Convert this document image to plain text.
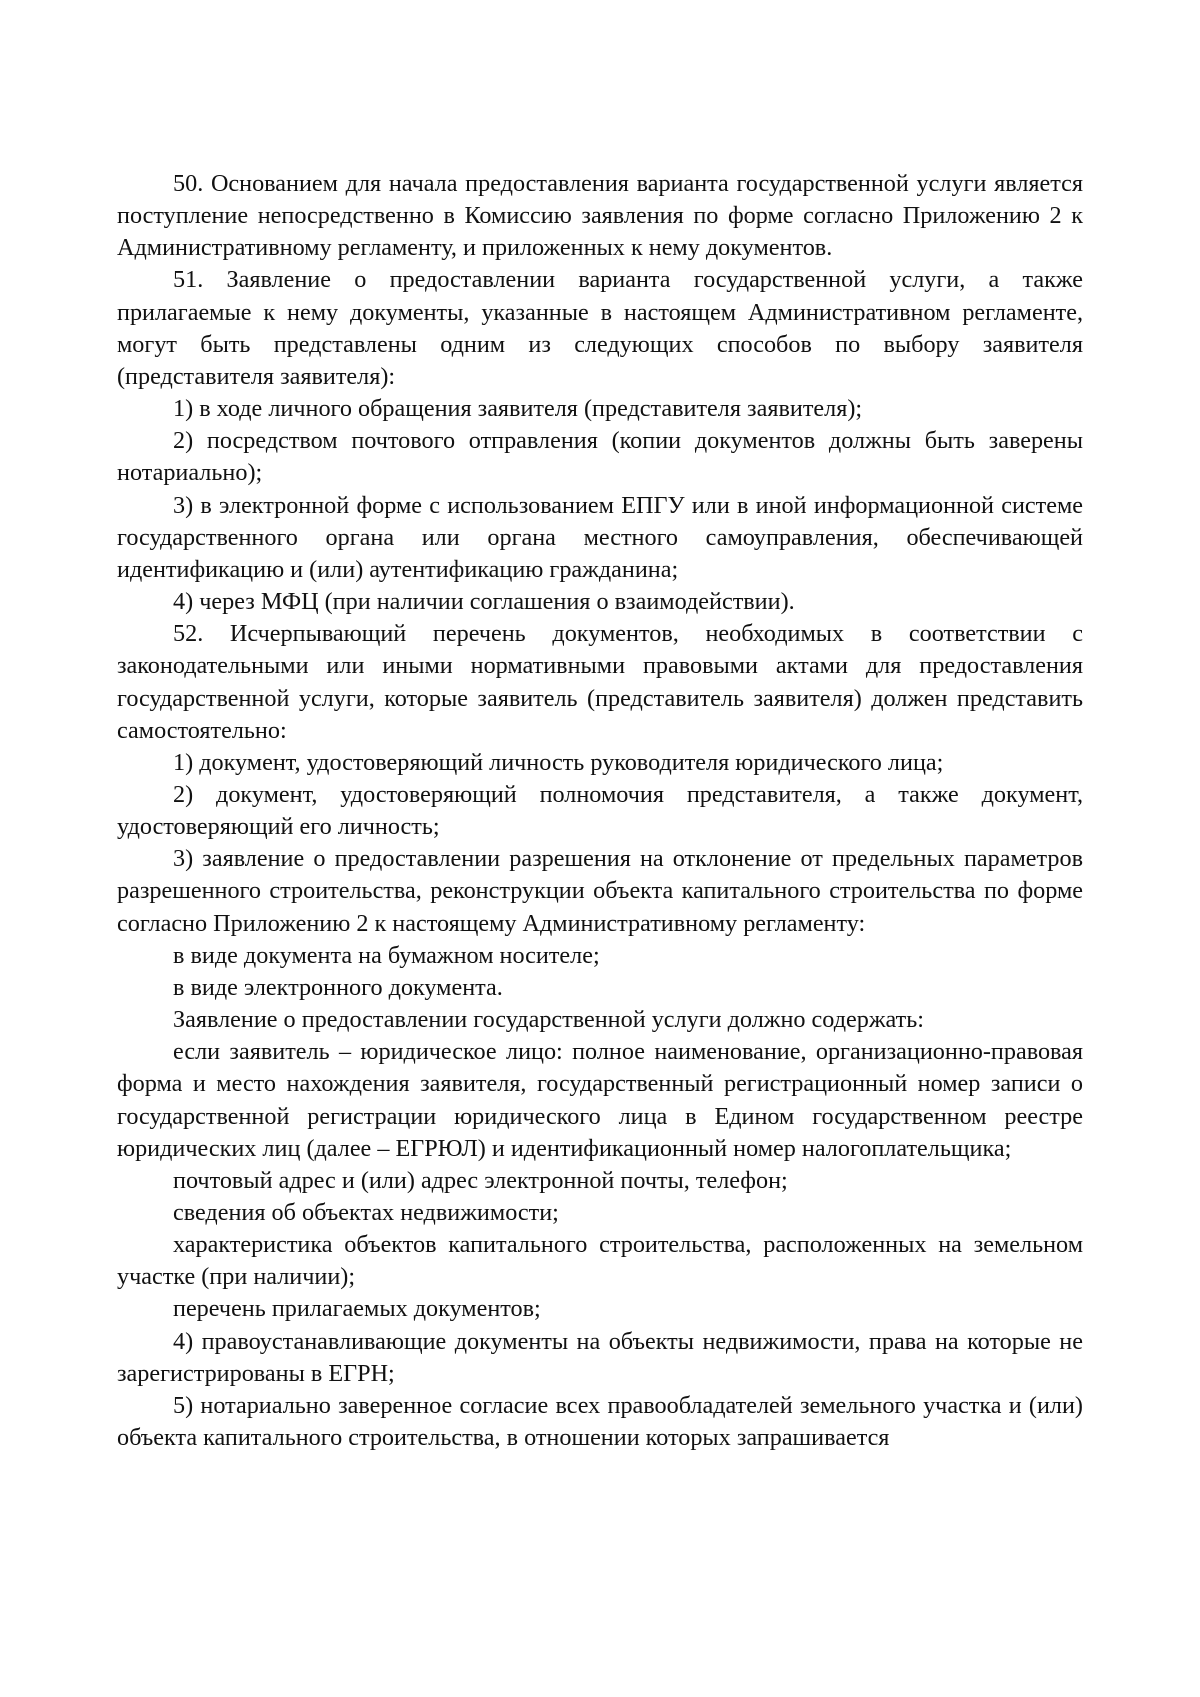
50. Основанием для начала предоставления варианта государственной услуги является поступление непосредственно в Комиссию заявления по форме согласно Приложению 2 к Административному регламенту, и приложенных к нему документов.

51. Заявление о предоставлении варианта государственной услуги, а также прилагаемые к нему документы, указанные в настоящем Административном регламенте, могут быть представлены одним из следующих способов по выбору заявителя (представителя заявителя):

1) в ходе личного обращения заявителя (представителя заявителя);

2) посредством почтового отправления (копии документов должны быть заверены нотариально);

3) в электронной форме с использованием ЕПГУ или в иной информационной системе государственного органа или органа местного самоуправления, обеспечивающей идентификацию и (или) аутентификацию гражданина;

4) через МФЦ (при наличии соглашения о взаимодействии).

52. Исчерпывающий перечень документов, необходимых в соответствии с законодательными или иными нормативными правовыми актами для предоставления государственной услуги, которые заявитель (представитель заявителя) должен представить самостоятельно:

1) документ, удостоверяющий личность руководителя юридического лица;

2) документ, удостоверяющий полномочия представителя, а также документ, удостоверяющий его личность;

3) заявление о предоставлении разрешения на отклонение от предельных параметров разрешенного строительства, реконструкции объекта капитального строительства по форме согласно Приложению 2 к настоящему Административному регламенту:

в виде документа на бумажном носителе;

в виде электронного документа.

Заявление о предоставлении государственной услуги должно содержать:

если заявитель – юридическое лицо: полное наименование, организационно-правовая форма и место нахождения заявителя, государственный регистрационный номер записи о государственной регистрации юридического лица в Едином государственном реестре юридических лиц (далее – ЕГРЮЛ) и идентификационный номер налогоплательщика;

почтовый адрес и (или) адрес электронной почты, телефон;

сведения об объектах недвижимости;

характеристика объектов капитального строительства, расположенных на земельном участке (при наличии);

перечень прилагаемых документов;

4) правоустанавливающие документы на объекты недвижимости, права на которые не зарегистрированы в ЕГРН;

5) нотариально заверенное согласие всех правообладателей земельного участка и (или) объекта капитального строительства, в отношении которых запрашивается
